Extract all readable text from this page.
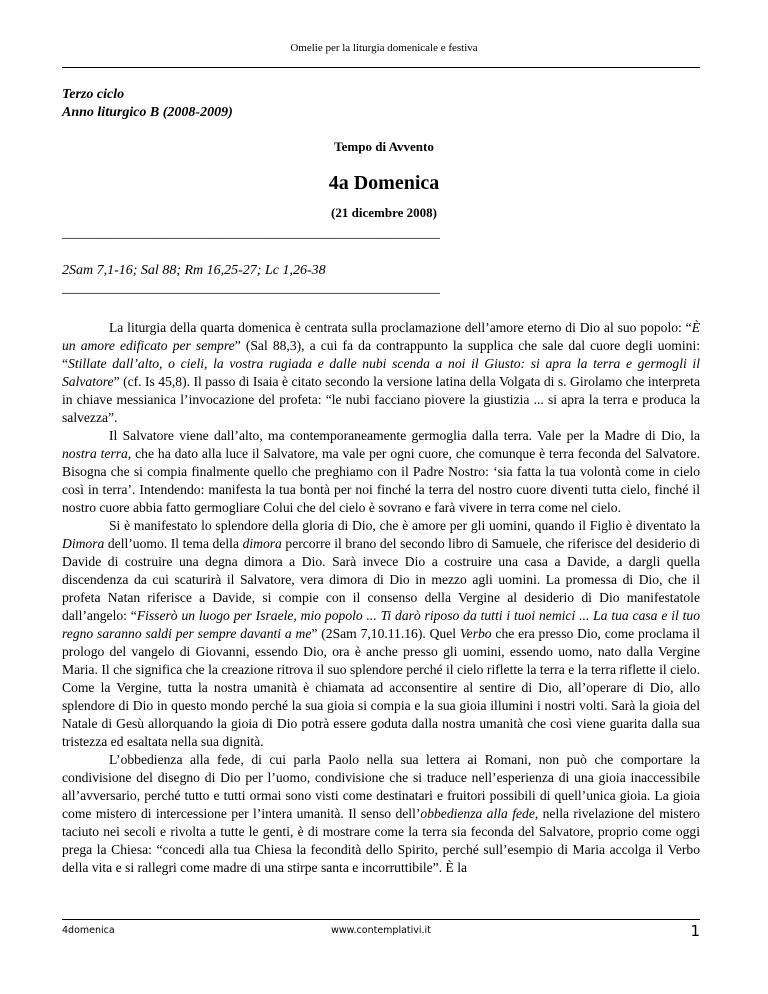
Omelie per la liturgia domenicale e festiva
Terzo ciclo
Anno liturgico B (2008-2009)
Tempo di Avvento
4a Domenica
(21 dicembre 2008)
______________________________________________________
2Sam 7,1-16; Sal 88; Rm 16,25-27; Lc 1,26-38
______________________________________________________

La liturgia della quarta domenica è centrata sulla proclamazione dell’amore eterno di Dio al suo popolo: “È un amore edificato per sempre” (Sal 88,3), a cui fa da contrappunto la supplica che sale dal cuore degli uomini: “Stillate dall’alto, o cieli, la vostra rugiada e dalle nubi scenda a noi il Giusto: si apra la terra e germogli il Salvatore” (cf. Is 45,8). Il passo di Isaia è citato secondo la versione latina della Volgata di s. Girolamo che interpreta in chiave messianica l’invocazione del profeta: “le nubi facciano piovere la giustizia ... si apra la terra e produca la salvezza”.

Il Salvatore viene dall’alto, ma contemporaneamente germoglia dalla terra. Vale per la Madre di Dio, la nostra terra, che ha dato alla luce il Salvatore, ma vale per ogni cuore, che comunque è terra feconda del Salvatore. Bisogna che si compia finalmente quello che preghiamo con il Padre Nostro: ‘sia fatta la tua volontà come in cielo così in terra’. Intendendo: manifesta la tua bontà per noi finché la terra del nostro cuore diventi tutta cielo, finché il nostro cuore abbia fatto germogliare Colui che del cielo è sovrano e farà vivere in terra come nel cielo.

Si è manifestato lo splendore della gloria di Dio, che è amore per gli uomini, quando il Figlio è diventato la Dimora dell’uomo. Il tema della dimora percorre il brano del secondo libro di Samuele, che riferisce del desiderio di Davide di costruire una degna dimora a Dio. Sarà invece Dio a costruire una casa a Davide, a dargli quella discendenza da cui scaturirà il Salvatore, vera dimora di Dio in mezzo agli uomini. La promessa di Dio, che il profeta Natan riferisce a Davide, si compie con il consenso della Vergine al desiderio di Dio manifestatole dall’angelo: “Fisserò un luogo per Israele, mio popolo ... Ti darò riposo da tutti i tuoi nemici ... La tua casa e il tuo regno saranno saldi per sempre davanti a me” (2Sam 7,10.11.16). Quel Verbo che era presso Dio, come proclama il prologo del vangelo di Giovanni, essendo Dio, ora è anche presso gli uomini, essendo uomo, nato dalla Vergine Maria. Il che significa che la creazione ritrova il suo splendore perché il cielo riflette la terra e la terra riflette il cielo. Come la Vergine, tutta la nostra umanità è chiamata ad acconsentire al sentire di Dio, all’operare di Dio, allo splendore di Dio in questo mondo perché la sua gioia si compia e la sua gioia illumini i nostri volti. Sarà la gioia del Natale di Gesù allorquando la gioia di Dio potrà essere goduta dalla nostra umanità che così viene guarita dalla sua tristezza ed esaltata nella sua dignità.

L’obbedienza alla fede, di cui parla Paolo nella sua lettera ai Romani, non può che comportare la condivisione del disegno di Dio per l’uomo, condivisione che si traduce nell’esperienza di una gioia inaccessibile all’avversario, perché tutto e tutti ormai sono visti come destinatari e fruitori possibili di quell’unica gioia. La gioia come mistero di intercessione per l’intera umanità. Il senso dell’obbedienza alla fede, nella rivelazione del mistero taciuto nei secoli e rivolta a tutte le genti, è di mostrare come la terra sia feconda del Salvatore, proprio come oggi prega la Chiesa: “concedi alla tua Chiesa la fecondità dello Spirito, perché sull’esempio di Maria accolga il Verbo della vita e si rallegri come madre di una stirpe santa e incorruttibile”. È la

4domenica	www.contemplativi.it	1
